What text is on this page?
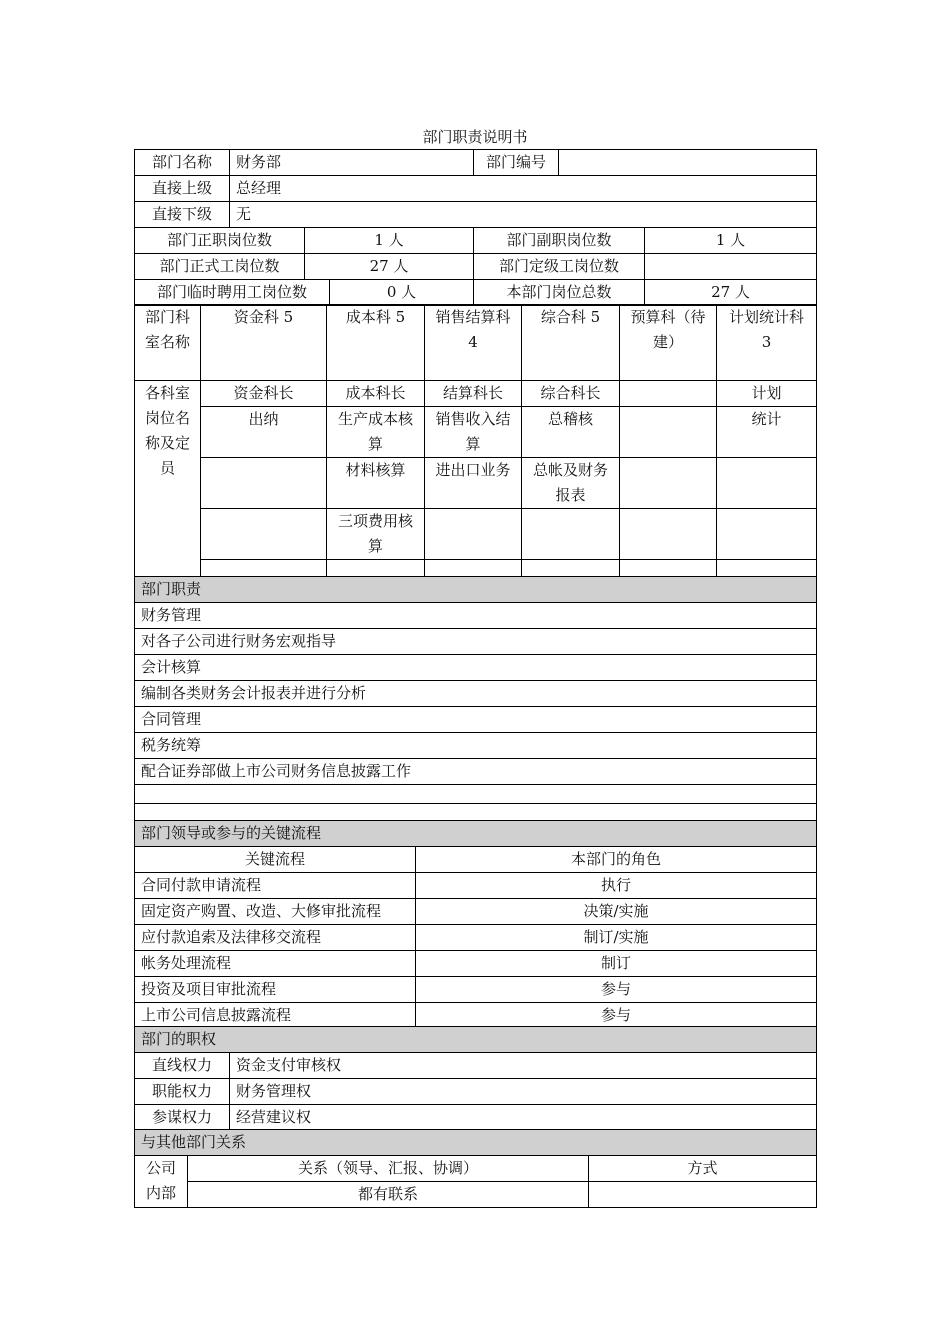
部门职责说明书
部门名称	财务部	部门编号	
直接上级	总经理		
直接下级	无		
部门正职岗位数	1 人		部门副职岗位数	1 人
部门正式工岗位数	27 人		部门定级工岗位数	
部门临时聘用工岗位数		0 人	本部门岗位总数	27 人
部门科室名称	资金科 5	成本科 5	销售结算科 4	综合科 5	预算科（待建）	计划统计科 3
各科室岗位名称及定员	资金科长	成本科长	结算科长	综合科长		计划
	出纳	生产成本核算	销售收入结算	总稽核		统计
		材料核算	进出口业务	总帐及财务报表		
		三项费用核算				

部门职责
财务管理
对各子公司进行财务宏观指导
会计核算
编制各类财务会计报表并进行分析
合同管理
税务统筹
配合证券部做上市公司财务信息披露工作

部门领导或参与的关键流程	
关键流程	本部门的角色
合同付款申请流程	执行
固定资产购置、改造、大修审批流程	决策/实施
应付款追索及法律移交流程	制订/实施
帐务处理流程	制订
投资及项目审批流程	参与
上市公司信息披露流程	参与
部门的职权	
直线权力	资金支付审核权
职能权力	财务管理权
参谋权力	经营建议权
与其他部门关系		
公司内部	关系（领导、汇报、协调）	方式
	都有联系	
